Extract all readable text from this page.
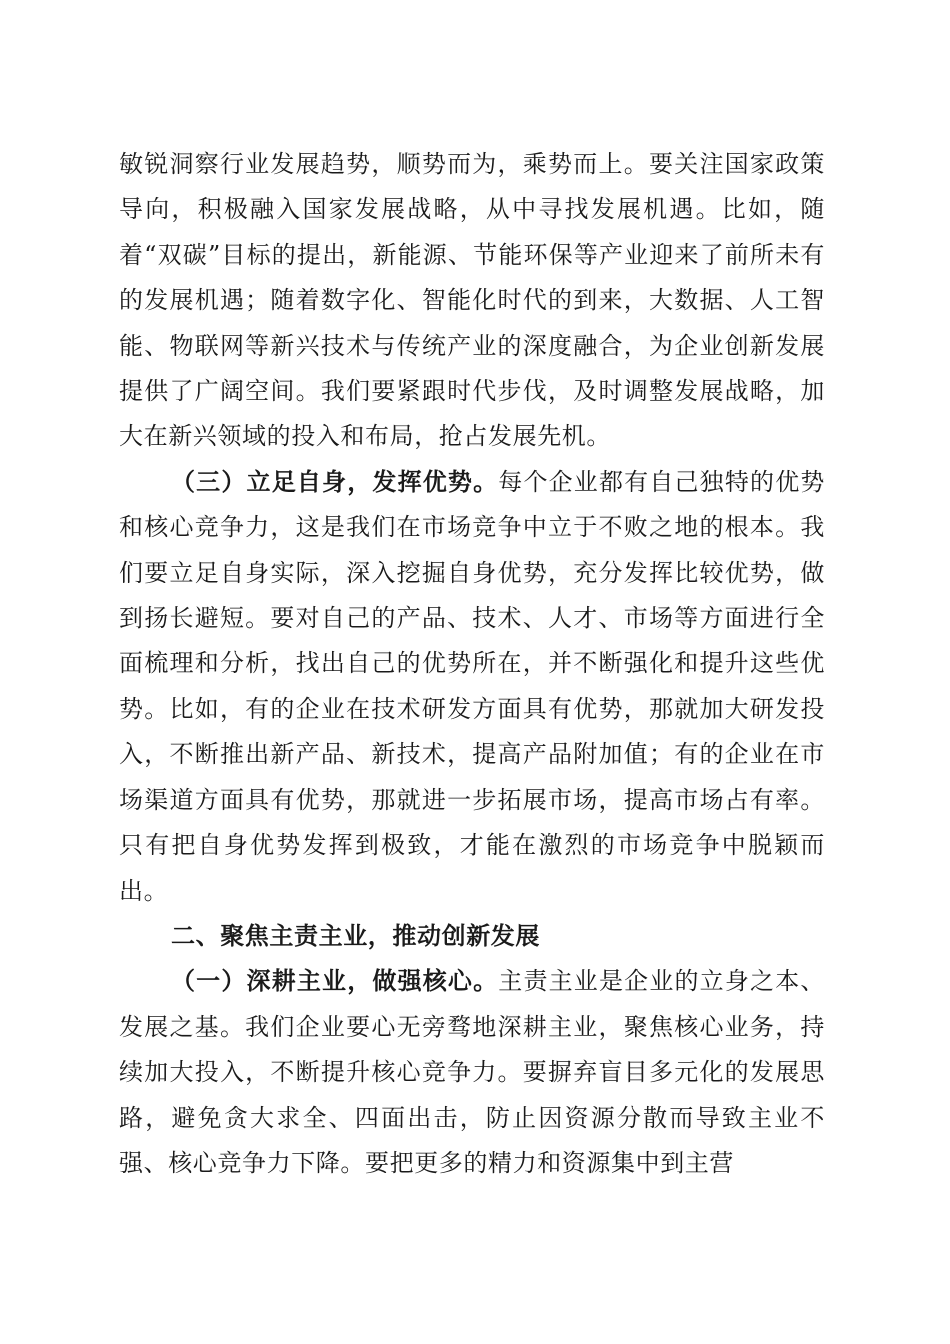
敏锐洞察行业发展趋势，顺势而为，乘势而上。要关注国家政策导向，积极融入国家发展战略，从中寻找发展机遇。比如，随着“双碳”目标的提出，新能源、节能环保等产业迎来了前所未有的发展机遇；随着数字化、智能化时代的到来，大数据、人工智能、物联网等新兴技术与传统产业的深度融合，为企业创新发展提供了广阔空间。我们要紧跟时代步伐，及时调整发展战略，加大在新兴领域的投入和布局，抢占发展先机。

（三）立足自身，发挥优势。每个企业都有自己独特的优势和核心竞争力，这是我们在市场竞争中立于不败之地的根本。我们要立足自身实际，深入挖掘自身优势，充分发挥比较优势，做到扬长避短。要对自己的产品、技术、人才、市场等方面进行全面梳理和分析，找出自己的优势所在，并不断强化和提升这些优势。比如，有的企业在技术研发方面具有优势，那就加大研发投入，不断推出新产品、新技术，提高产品附加值；有的企业在市场渠道方面具有优势，那就进一步拓展市场，提高市场占有率。只有把自身优势发挥到极致，才能在激烈的市场竞争中脱颖而出。

二、聚焦主责主业，推动创新发展

（一）深耕主业，做强核心。主责主业是企业的立身之本、发展之基。我们企业要心无旁骛地深耕主业，聚焦核心业务，持续加大投入，不断提升核心竞争力。要摒弃盲目多元化的发展思路，避免贪大求全、四面出击，防止因资源分散而导致主业不强、核心竞争力下降。要把更多的精力和资源集中到主营
